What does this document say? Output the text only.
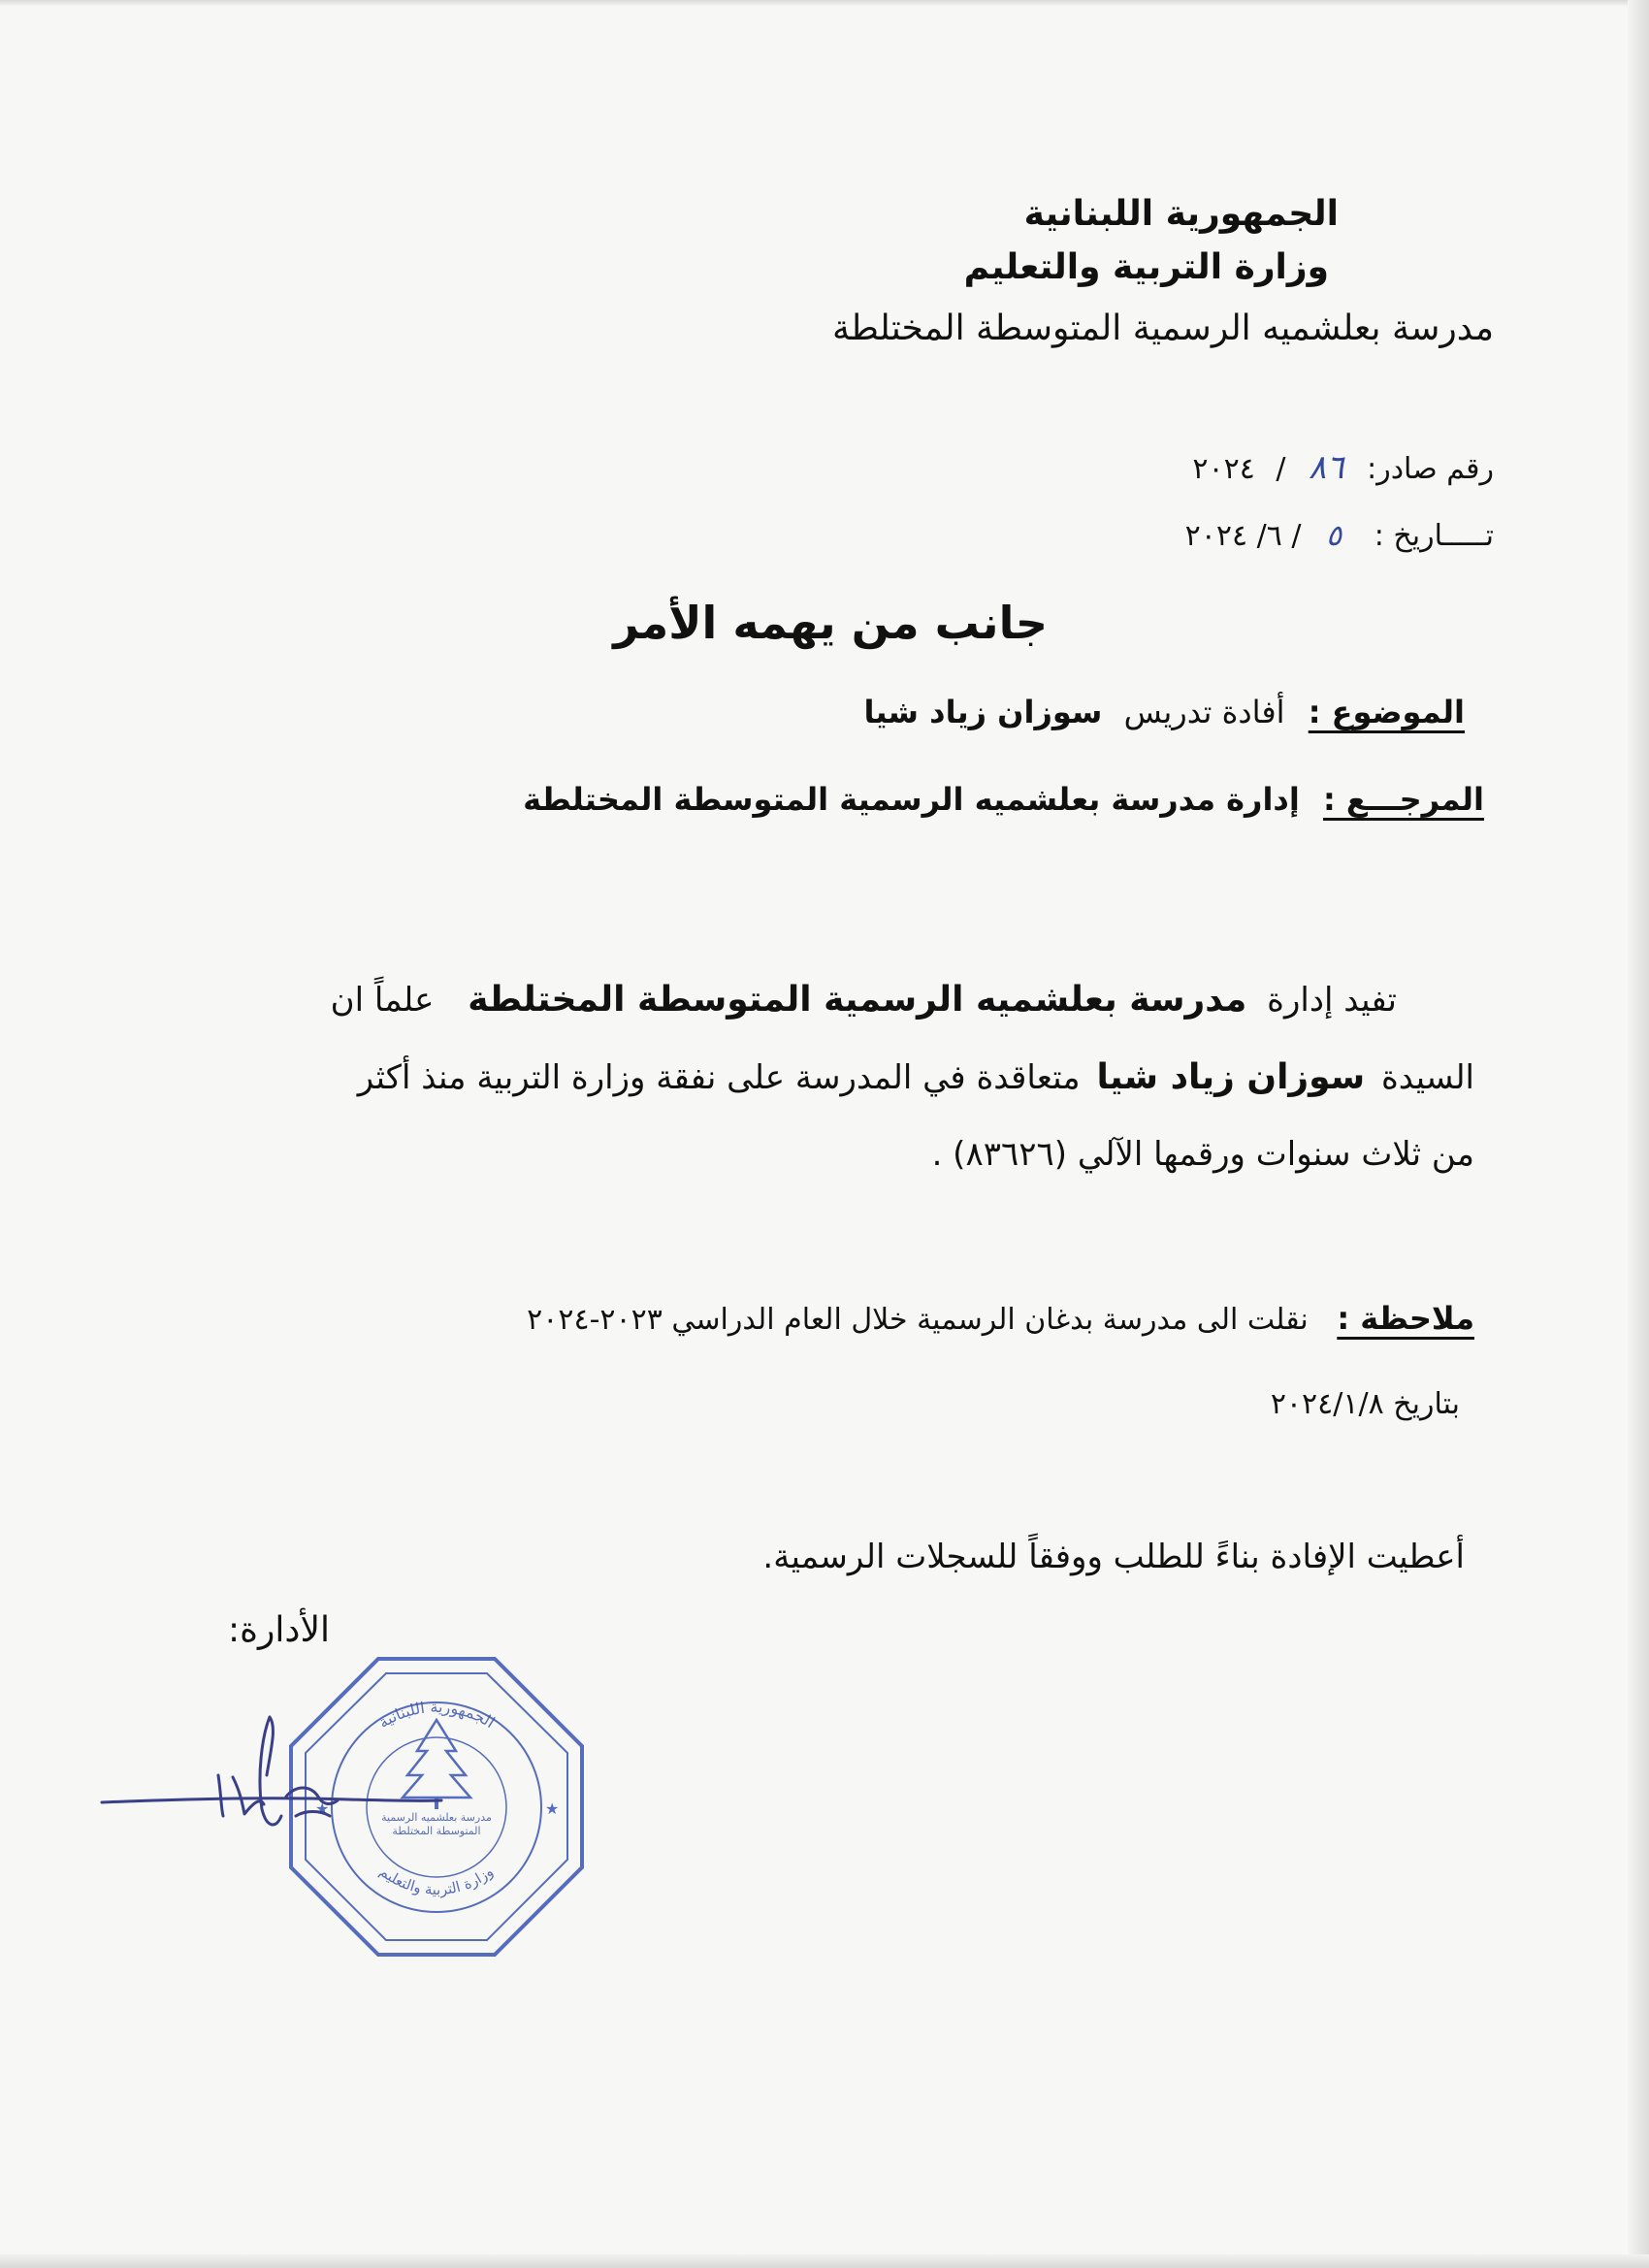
الجمهورية اللبنانية
وزارة التربية والتعليم
مدرسة بعلشميه الرسمية المتوسطة المختلطة
رقم صادر: ٨٦ / ٢٠٢٤
تـــــاريخ : ٥ / ٦/ ٢٠٢٤
جانب من يهمه الأمر
الموضوع : أفادة تدريس سوزان زياد شيا
المرجـــع : إدارة مدرسة بعلشميه الرسمية المتوسطة المختلطة
تفيد إدارة مدرسة بعلشميه الرسمية المتوسطة المختلطة علماً ان
السيدة سوزان زياد شيا متعاقدة في المدرسة على نفقة وزارة التربية منذ أكثر
من ثلاث سنوات ورقمها الآلي (٨٣٦٢٦) .
ملاحظة : نقلت الى مدرسة بدغان الرسمية خلال العام الدراسي ٢٠٢٣-٢٠٢٤
بتاريخ ٢٠٢٤/١/٨
أعطيت الإفادة بناءً للطلب ووفقاً للسجلات الرسمية.
الأدارة:
الجمهورية اللبنانية
مدرسة بعلشميه الرسمية المتوسطة المختلطة
وزارة التربية والتعليم
★	★
